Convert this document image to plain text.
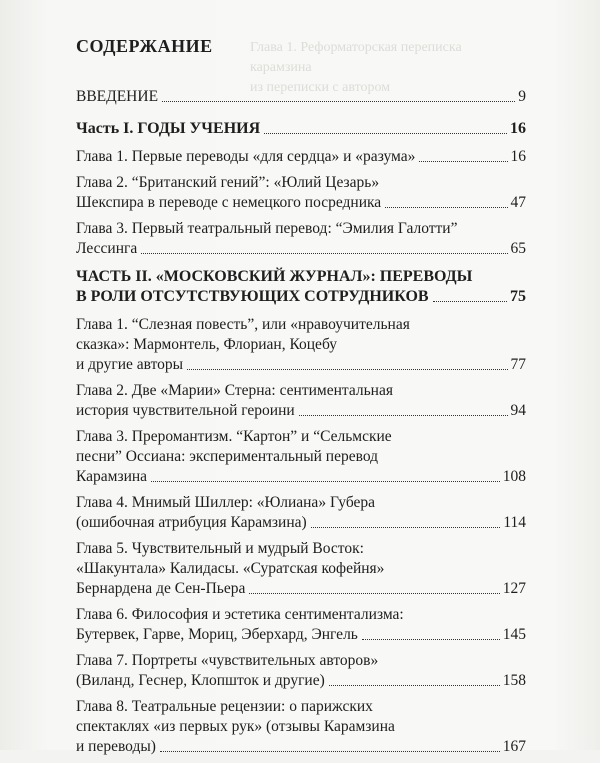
Глава 1. Реформаторская переписка
карамзина
из переписки с автором
СОДЕРЖАНИЕ
ВВЕДЕНИЕ	9
Часть I. ГОДЫ УЧЕНИЯ	16
Глава 1. Первые переводы «для сердца» и «разума»	16
Глава 2. “Британский гений”: «Юлий Цезарь»
Шекспира в переводе с немецкого посредника	47
Глава 3. Первый театральный перевод: “Эмилия Галотти”
Лессинга	65
ЧАСТЬ II. «МОСКОВСКИЙ ЖУРНАЛ»: ПЕРЕВОДЫ
В РОЛИ ОТСУТСТВУЮЩИХ СОТРУДНИКОВ	75
Глава 1. “Слезная повесть”, или «нравоучительная
сказка»: Мармонтель, Флориан, Коцебу
и другие авторы	77
Глава 2. Две «Марии» Стерна: сентиментальная
история чувствительной героини	94
Глава 3. Преромантизм. “Картон” и “Сельмские
песни” Оссиана: экспериментальный перевод
Карамзина	108
Глава 4. Мнимый Шиллер: «Юлиана» Губера
(ошибочная атрибуция Карамзина)	114
Глава 5. Чувствительный и мудрый Восток:
«Шакунтала» Калидасы. «Суратская кофейня»
Бернардена де Сен-Пьера	127
Глава 6. Философия и эстетика сентиментализма:
Бутервек, Гарве, Мориц, Эберхард, Энгель	145
Глава 7. Портреты «чувствительных авторов»
(Виланд, Геснер, Клопшток и другие)	158
Глава 8. Театральные рецензии: о парижских
спектаклях «из первых рук» (отзывы Карамзина
и переводы)	167
